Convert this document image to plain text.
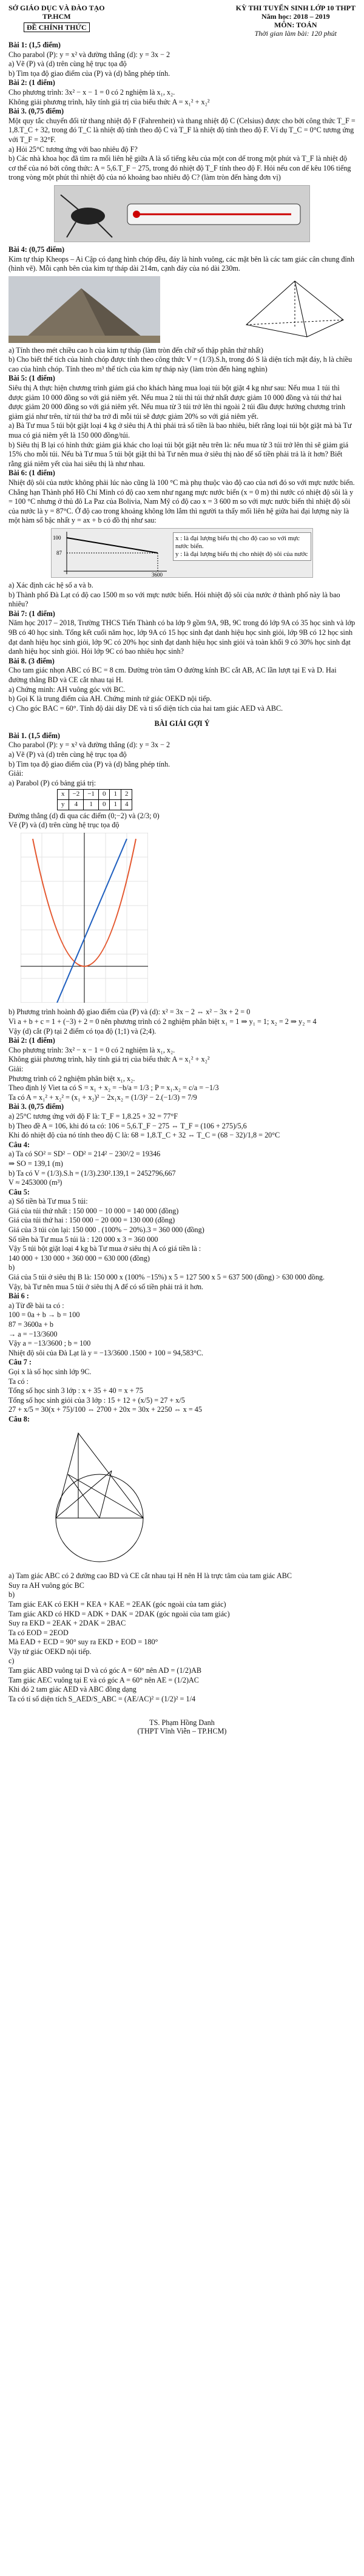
SỞ GIÁO DỤC VÀ ĐÀO TẠO
TP.HCM
ĐỀ CHÍNH THỨC
KỲ THI TUYỂN SINH LỚP 10 THPT
Năm học: 2018 – 2019
MÔN: TOÁN
Thời gian làm bài: 120 phút

Bài 1: (1,5 điểm)

Cho parabol (P): y = x² và đường thẳng (d): y = 3x − 2

a) Vẽ (P) và (d) trên cùng hệ trục tọa độ

b) Tìm tọa độ giao điểm của (P) và (d) bằng phép tính.

Bài 2: (1 điểm)

Cho phương trình: 3x² − x − 1 = 0 có 2 nghiệm là x₁, x₂.

Không giải phương trình, hãy tính giá trị của biểu thức A = x₁² + x₂²

Bài 3. (0,75 điểm)

Một quy tắc chuyển đổi từ thang nhiệt độ F (Fahrenheit) và thang nhiệt độ C (Celsius) được cho bởi công thức T_F = 1,8.T_C + 32, trong đó T_C là nhiệt độ tính theo độ C và T_F là nhiệt độ tính theo độ F. Ví dụ T_C = 0°C tương ứng với T_F = 32°F.

a) Hỏi 25°C tương ứng với bao nhiêu độ F?

b) Các nhà khoa học đã tìm ra mối liên hệ giữa A là số tiếng kêu của một con dế trong một phút và T_F là nhiệt độ cơ thể của nó bởi công thức: A = 5,6.T_F − 275, trong đó nhiệt độ T_F tính theo độ F. Hỏi nếu con dế kêu 106 tiếng trong vòng một phút thì nhiệt độ của nó khoảng bao nhiêu độ C? (làm tròn đến hàng đơn vị)

Bài 4: (0,75 điểm)

Kim tự tháp Kheops – Ai Cập có dạng hình chóp đều, đáy là hình vuông, các mặt bên là các tam giác cân chung đỉnh (hình vẽ). Mỗi cạnh bên của kim tự tháp dài 214m, cạnh đáy của nó dài 230m.

a) Tính theo mét chiều cao h của kim tự tháp (làm tròn đến chữ số thập phân thứ nhất)

b) Cho biết thể tích của hình chóp được tính theo công thức V = (1/3).S.h, trong đó S là diện tích mặt đáy, h là chiều cao của hình chóp. Tính theo m³ thể tích của kim tự tháp này (làm tròn đến hàng nghìn)

Bài 5: (1 điểm)

Siêu thị A thực hiện chương trình giảm giá cho khách hàng mua loại túi bột giặt 4 kg như sau: Nếu mua 1 túi thì được giảm 10 000 đồng so với giá niêm yết. Nếu mua 2 túi thì túi thứ nhất được giảm 10 000 đồng và túi thứ hai được giảm 20 000 đồng so với giá niêm yết. Nếu mua từ 3 túi trở lên thì ngoài 2 túi đầu được hưởng chương trình giảm giá như trên, từ túi thứ ba trở đi mỗi túi sẽ được giảm 20% so với giá niêm yết.

a) Bà Tư mua 5 túi bột giặt loại 4 kg ở siêu thị A thì phải trả số tiền là bao nhiêu, biết rằng loại túi bột giặt mà bà Tư mua có giá niêm yết là 150 000 đồng/túi.

b) Siêu thị B lại có hình thức giảm giá khác cho loại túi bột giặt nêu trên là: nếu mua từ 3 túi trở lên thì sẽ giảm giá 15% cho mỗi túi. Nếu bà Tư mua 5 túi bột giặt thì bà Tư nên mua ở siêu thị nào để số tiền phải trả là ít hơn? Biết rằng giá niêm yết của hai siêu thị là như nhau.

Bài 6: (1 điểm)

Nhiệt độ sôi của nước không phải lúc nào cũng là 100 °C mà phụ thuộc vào độ cao của nơi đó so với mực nước biển. Chẳng hạn Thành phố Hồ Chí Minh có độ cao xem như ngang mực nước biển (x = 0 m) thì nước có nhiệt độ sôi là y = 100 °C nhưng ở thủ đô La Paz của Bolivia, Nam Mỹ có độ cao x = 3 600 m so với mực nước biển thì nhiệt độ sôi của nước là y = 87°C. Ở độ cao trong khoảng không lớn lắm thì người ta thấy mối liên hệ giữa hai đại lượng này là một hàm số bậc nhất y = ax + b có đồ thị như sau:

100
87
3600
x : là đại lượng biểu thị cho độ cao so với mực nước biển.
y : là đại lượng biểu thị cho nhiệt độ sôi của nước

a) Xác định các hệ số a và b.

b) Thành phố Đà Lạt có độ cao 1500 m so với mực nước biển. Hỏi nhiệt độ sôi của nước ở thành phố này là bao nhiêu?

Bài 7: (1 điểm)

Năm học 2017 – 2018, Trường THCS Tiến Thành có ba lớp 9 gồm 9A, 9B, 9C trong đó lớp 9A có 35 học sinh và lớp 9B có 40 học sinh. Tổng kết cuối năm học, lớp 9A có 15 học sinh đạt danh hiệu học sinh giỏi, lớp 9B có 12 học sinh đạt danh hiệu học sinh giỏi, lớp 9C có 20% học sinh đạt danh hiệu học sinh giỏi và toàn khối 9 có 30% học sinh đạt danh hiệu học sinh giỏi. Hỏi lớp 9C có bao nhiêu học sinh?

Bài 8. (3 điểm)

Cho tam giác nhọn ABC có BC = 8 cm. Đường tròn tâm O đường kính BC cắt AB, AC lần lượt tại E và D. Hai đường thẳng BD và CE cắt nhau tại H.

a) Chứng minh: AH vuông góc với BC.

b) Gọi K là trung điểm của AH. Chứng minh tứ giác OEKD nội tiếp.

c) Cho góc BAC = 60°. Tính độ dài dây DE và tỉ số diện tích của hai tam giác AED và ABC.

BÀI GIẢI GỢI Ý

Bài 1. (1,5 điểm)

Cho parabol (P): y = x² và đường thẳng (d): y = 3x − 2

a) Vẽ (P) và (d) trên cùng hệ trục tọa độ

b) Tìm tọa độ giao điểm của (P) và (d) bằng phép tính.

Giải:

a) Parabol (P) có bảng giá trị:

x	−2	−1	0	1	2
y	4	1	0	1	4

Đường thẳng (d) đi qua các điểm (0;−2) và (2/3; 0)

Vẽ (P) và (d) trên cùng hệ trục tọa độ

b) Phương trình hoành độ giao điểm của (P) và (d): x² = 3x − 2 ⇔ x² − 3x + 2 = 0

Vì a + b + c = 1 + (−3) + 2 = 0 nên phương trình có 2 nghiệm phân biệt x₁ = 1 ⇒ y₁ = 1; x₂ = 2 ⇒ y₂ = 4

Vậy (d) cắt (P) tại 2 điểm có tọa độ (1;1) và (2;4).

Bài 2: (1 điểm)

Cho phương trình: 3x² − x − 1 = 0 có 2 nghiệm là x₁, x₂.

Không giải phương trình, hãy tính giá trị của biểu thức A = x₁² + x₂²

Giải:

Phương trình có 2 nghiệm phân biệt x₁, x₂.

Theo định lý Viet ta có S = x₁ + x₂ = −b/a = 1/3 ; P = x₁.x₂ = c/a = −1/3

Ta có A = x₁² + x₂² = (x₁ + x₂)² − 2x₁x₂ = (1/3)² − 2.(−1/3) = 7/9

Bài 3. (0,75 điểm)

a) 25°C tương ứng với độ F là: T_F = 1,8.25 + 32 = 77°F

b) Theo đề A = 106, khi đó ta có: 106 = 5,6.T_F − 275 ⇔ T_F = (106 + 275)/5,6

Khi đó nhiệt độ của nó tính theo độ C là: 68 = 1,8.T_C + 32 ⇔ T_C = (68 − 32)/1,8 = 20°C

Câu 4:

a) Ta có SO² = SD² − OD² = 214² − 230²/2 = 19346

⇒ SO = 139,1 (m)

b) Ta có V = (1/3).S.h = (1/3).230².139,1 = 2452796,667

V ≈ 2453000 (m³)

Câu 5:

a) Số tiền bà Tư mua 5 túi:

Giá của túi thứ nhất : 150 000 − 10 000 = 140 000 (đồng)

Giá của túi thứ hai : 150 000 − 20 000 = 130 000 (đồng)

Giá của 3 túi còn lại: 150 000 . (100% − 20%).3 = 360 000 (đồng)

Số tiền bà Tư mua 5 túi là : 120 000 x 3 = 360 000

Vậy 5 túi bột giặt loại 4 kg bà Tư mua ở siêu thị A có giá tiền là :

140 000 + 130 000 + 360 000 = 630 000 (đồng)

b)

Giá của 5 túi ở siêu thị B là: 150 000 x (100% −15%) x 5 = 127 500 x 5 = 637 500 (đồng) > 630 000 đồng.

Vậy, bà Tư nên mua 5 túi ở siêu thị A để có số tiền phải trả ít hơn.

Bài 6 :

a) Từ đề bài ta có :

100 = 0a + b → b = 100

87 = 3600a + b

→ a = −13/3600

Vậy a = −13/3600 ; b = 100

Nhiệt độ sôi của Đà Lạt là y = −13/3600 .1500 + 100 = 94,583°C.

Câu 7 :

Gọi x là số học sinh lớp 9C.

Ta có :

Tổng số học sinh 3 lớp : x + 35 + 40 = x + 75

Tổng số học sinh giỏi của 3 lớp : 15 + 12 + (x/5) = 27 + x/5

27 + x/5 = 30(x + 75)/100 ⇔ 2700 + 20x = 30x + 2250 ⇔ x = 45

Câu 8:

a) Tam giác ABC có 2 đường cao BD và CE cắt nhau tại H nên H là trực tâm của tam giác ABC

Suy ra AH vuông góc BC

b)

Tam giác EAK có EKH = KEA + KAE = 2EAK (góc ngoài của tam giác)

Tam giác AKD có HKD = ADK + DAK = 2DAK (góc ngoài của tam giác)

Suy ra EKD = 2EAK + 2DAK = 2BAC

Ta có EOD = 2EOD

Mà EAD + ECD = 90° suy ra EKD + EOD = 180°

Vậy tứ giác OEKD nội tiếp.

c)

Tam giác ABD vuông tại D và có góc A = 60° nên AD = (1/2)AB

Tam giác AEC vuông tại E và có góc A = 60° nên AE = (1/2)AC

Khi đó 2 tam giác AED và ABC đồng dạng

Ta có tỉ số diện tích S_AED/S_ABC = (AE/AC)² = (1/2)² = 1/4

TS. Phạm Hồng Danh
(THPT Vĩnh Viễn – TP.HCM)
